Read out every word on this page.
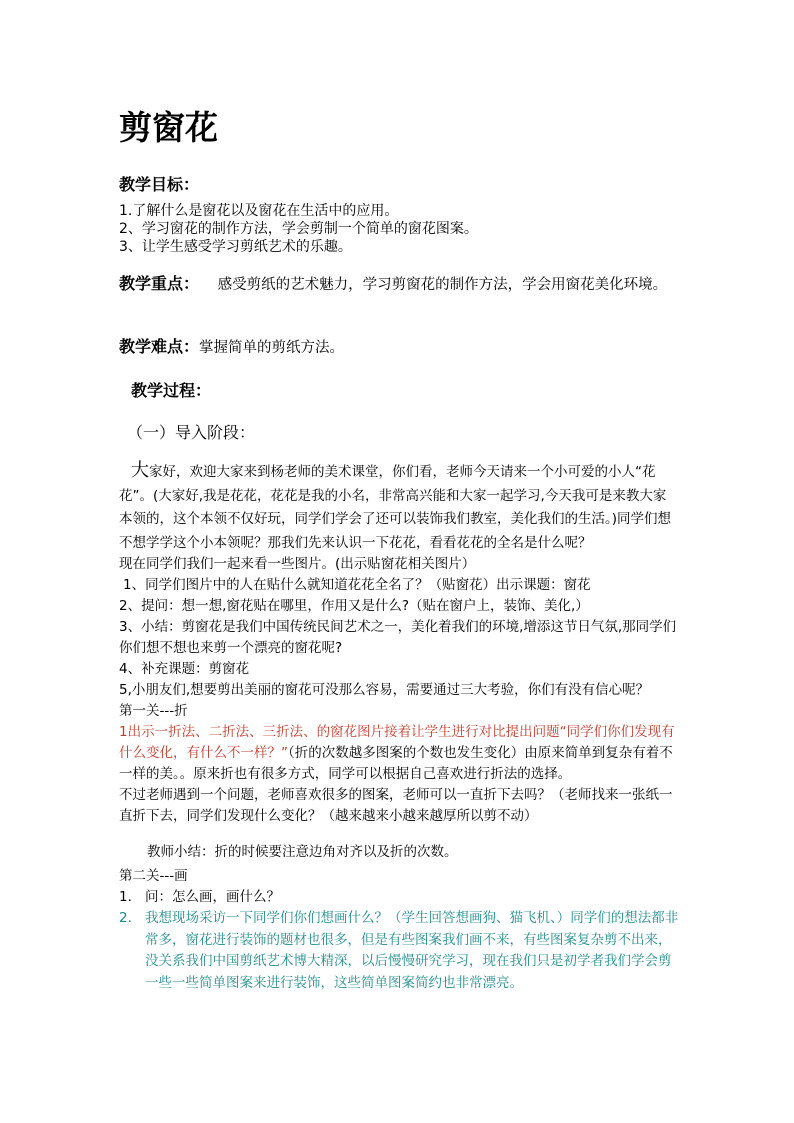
剪窗花
教学目标：
1.了解什么是窗花以及窗花在生活中的应用。
2、学习窗花的制作方法，学会剪制一个简单的窗花图案。
3、让学生感受学习剪纸艺术的乐趣。
教学重点： 感受剪纸的艺术魅力，学习剪窗花的制作方法，学会用窗花美化环境。
教学难点：掌握简单的剪纸方法。
教学过程：
（一）导入阶段：
大家好，欢迎大家来到杨老师的美术课堂，你们看，老师今天请来一个小可爱的小人“花花”。(大家好,我是花花，花花是我的小名，非常高兴能和大家一起学习,今天我可是来教大家本领的，这个本领不仅好玩，同学们学会了还可以装饰我们教室，美化我们的生活。)同学们想不想学学这个小本领呢？那我们先来认识一下花花，看看花花的全名是什么呢？
现在同学们我们一起来看一些图片。(出示贴窗花相关图片）
1、同学们图片中的人在贴什么就知道花花全名了？（贴窗花）出示课题：窗花
2、提问：想一想,窗花贴在哪里，作用又是什么?（贴在窗户上，装饰、美化,）
3、小结：剪窗花是我们中国传统民间艺术之一，美化着我们的环境,增添这节日气氛,那同学们你们想不想也来剪一个漂亮的窗花呢?
4、补充课题：剪窗花
5,小朋友们,想要剪出美丽的窗花可没那么容易，需要通过三大考验，你们有没有信心呢？
第一关---折
1出示一折法、二折法、三折法、的窗花图片接着让学生进行对比提出问题“同学们你们发现有什么变化，有什么不一样？”（折的次数越多图案的个数也发生变化）由原来简单到复杂有着不一样的美。。原来折也有很多方式，同学可以根据自己喜欢进行折法的选择。
不过老师遇到一个问题，老师喜欢很多的图案，老师可以一直折下去吗？（老师找来一张纸一直折下去，同学们发现什么变化？（越来越来小越来越厚所以剪不动）
教师小结：折的时候要注意边角对齐以及折的次数。
第二关---画
1. 问：怎么画，画什么？
2. 我想现场采访一下同学们你们想画什么？（学生回答想画狗、猫飞机、）同学们的想法都非常多，窗花进行装饰的题材也很多，但是有些图案我们画不来，有些图案复杂剪不出来，没关系我们中国剪纸艺术博大精深，以后慢慢研究学习，现在我们只是初学者我们学会剪一些一些简单图案来进行装饰，这些简单图案简约也非常漂亮。
